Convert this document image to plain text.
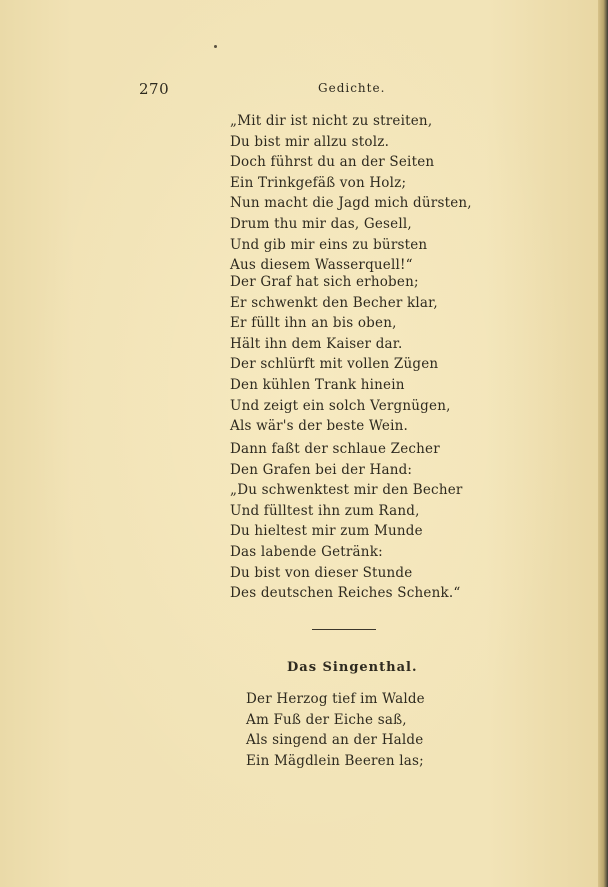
270	Gedichte.
„Mit dir ist nicht zu streiten,
Du bist mir allzu stolz.
Doch führst du an der Seiten
Ein Trinkgefäß von Holz;
Nun macht die Jagd mich dürsten,
Drum thu mir das, Gesell,
Und gib mir eins zu bürsten
Aus diesem Wasserquell!“
Der Graf hat sich erhoben;
Er schwenkt den Becher klar,
Er füllt ihn an bis oben,
Hält ihn dem Kaiser dar.
Der schlürft mit vollen Zügen
Den kühlen Trank hinein
Und zeigt ein solch Vergnügen,
Als wär's der beste Wein.
Dann faßt der schlaue Zecher
Den Grafen bei der Hand:
„Du schwenktest mir den Becher
Und fülltest ihn zum Rand,
Du hieltest mir zum Munde
Das labende Getränk:
Du bist von dieser Stunde
Des deutschen Reiches Schenk.“
Das Singenthal.
Der Herzog tief im Walde
Am Fuß der Eiche saß,
Als singend an der Halde
Ein Mägdlein Beeren las;
